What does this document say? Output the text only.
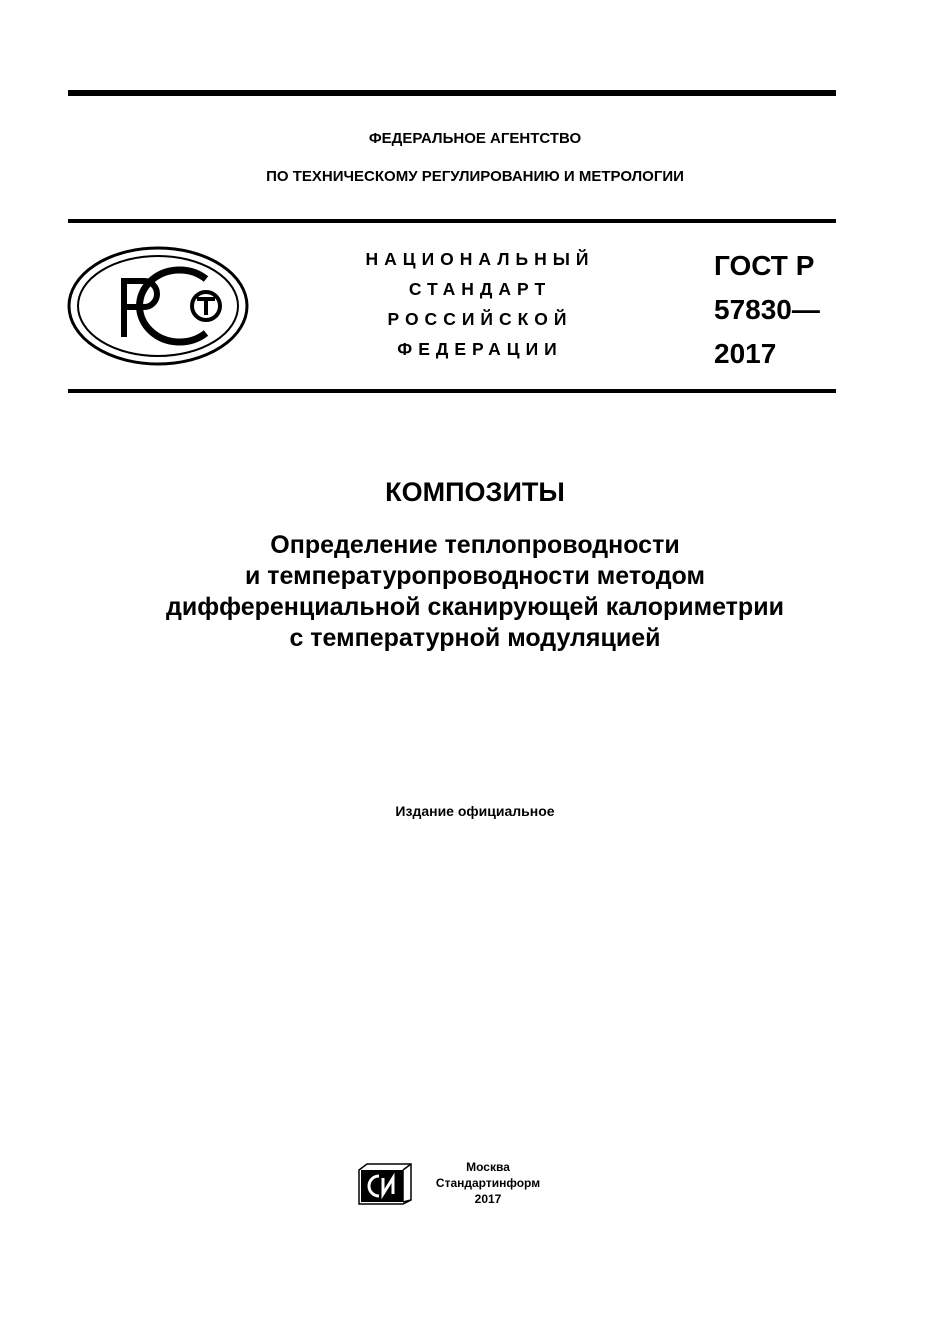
ФЕДЕРАЛЬНОЕ АГЕНТСТВО
ПО ТЕХНИЧЕСКОМУ РЕГУЛИРОВАНИЮ И МЕТРОЛОГИИ
НАЦИОНАЛЬНЫЙ
СТАНДАРТ
РОССИЙСКОЙ
ФЕДЕРАЦИИ
ГОСТ Р
57830—
2017
КОМПОЗИТЫ
Определение теплопроводности
и температуропроводности методом
дифференциальной сканирующей калориметрии
с температурной модуляцией
Издание официальное
Москва
Стандартинформ
2017
